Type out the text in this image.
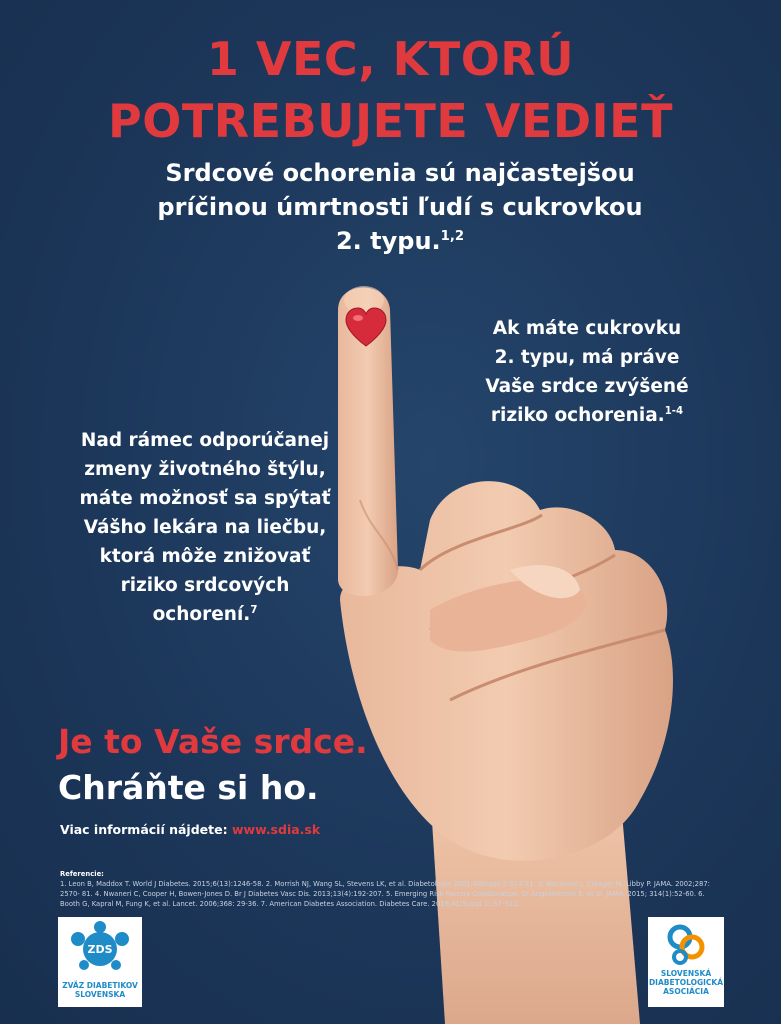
1 VEC, KTORÚ
POTREBUJETE VEDIEŤ

Srdcové ochorenia sú najčastejšou

príčinou úmrtnosti ľudí s cukrovkou

2. typu.$^{1,2}$

Ak máte cukrovku

2. typu, má práve

Vaše srdce zvýšené

riziko ochorenia.$^{1-4}$

Nad rámec odporúčanej

zmeny životného štýlu,

máte možnosť sa spýtať

Vášho lekára na liečbu,

ktorá môže znižovať

riziko srdcových

ochorení.$^7$

Je to Vaše srdce.
Chráňte si ho.
Viac informácií nájdete: www.sdia.sk

Referencie:

1. Leon B, Maddox T. World J Diabetes. 2015;6(13):1246-58. 2. Morrish NJ, Wang SL, Stevens LK, et al. Diabetologia 2001;44Suppl 2:S14-21. 3. Beckman J, Creager M, Libby P. JAMA. 2002;287: 2570- 81. 4. Nwaneri C, Cooper H, Bowen-Jones D. Br J Diabetes Vasc Dis. 2013;13(4):192-207. 5. Emerging Risk Factors Collaboration, Di Angelantonio E, et al. JAMA. 2015; 314(1):52-60. 6. Booth G, Kapral M, Fung K, et al. Lancet. 2006;368: 29-36. 7. American Diabetes Association. Diabetes Care. 2018;41(Suppl.1):S7–S12.

ZDS
ZVÄZ DIABETIKOV
SLOVENSKA
SLOVENSKÁ
DIABETOLOGICKÁ
ASOCIÁCIA
